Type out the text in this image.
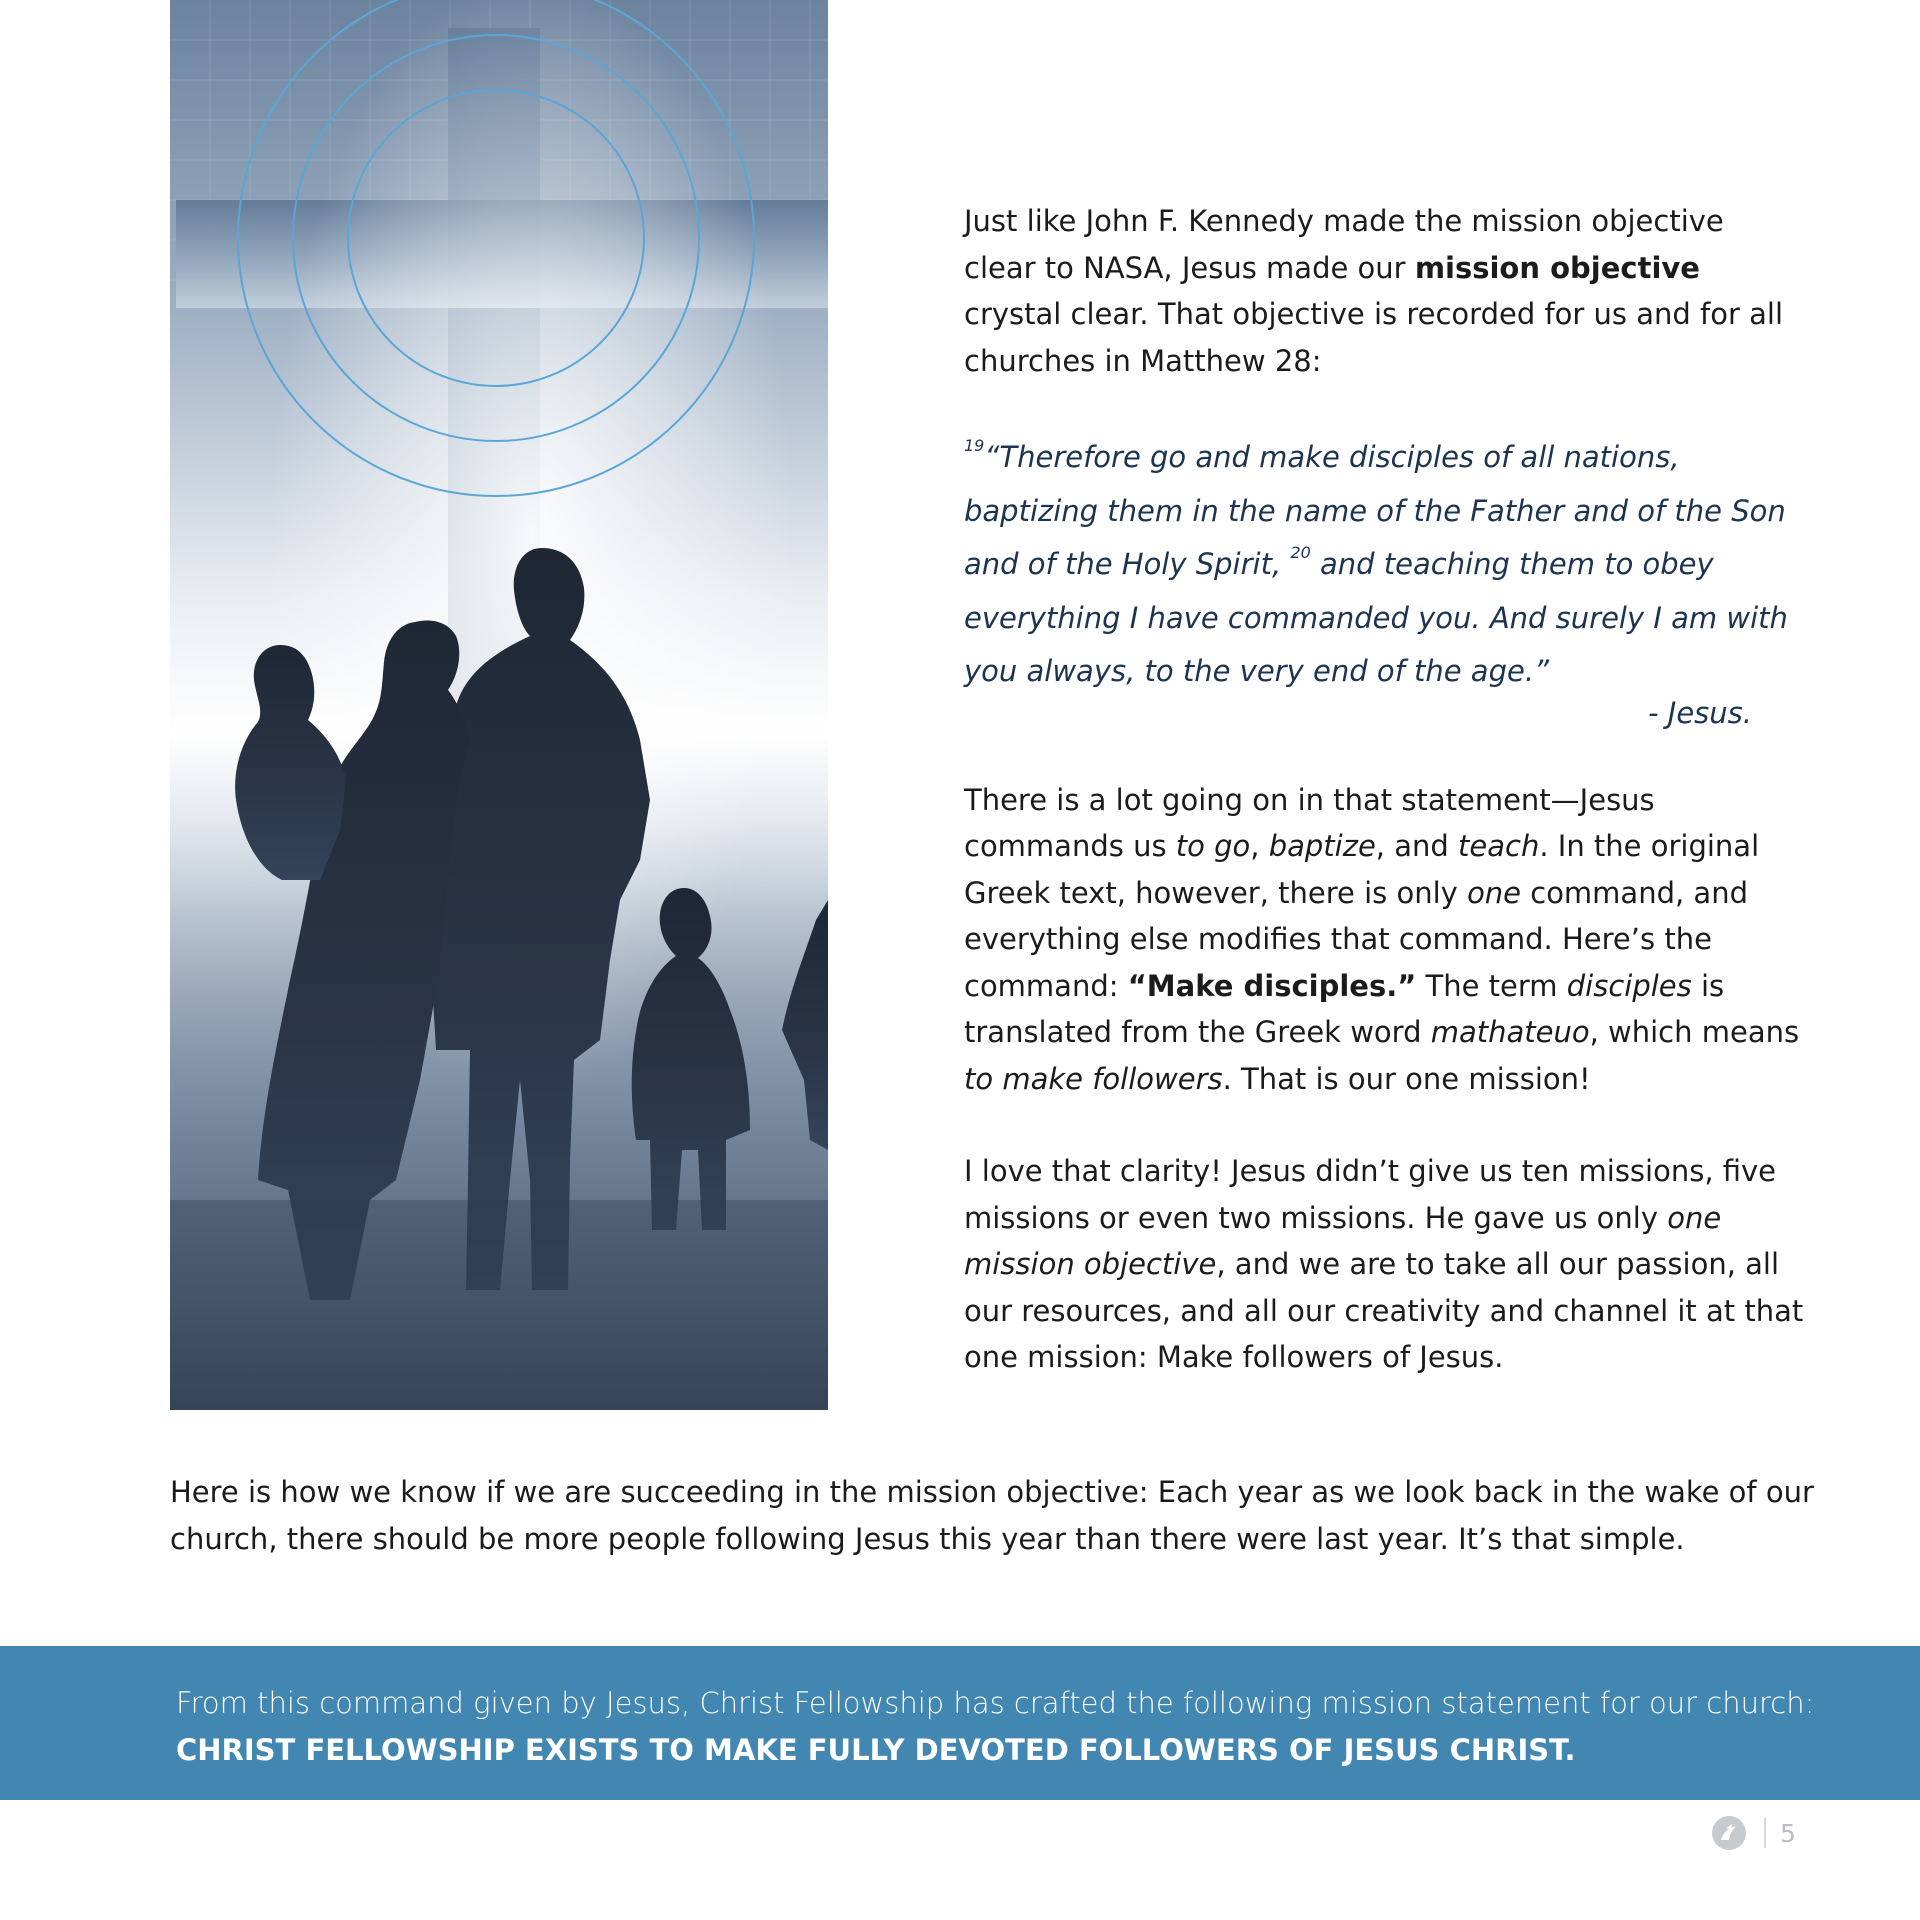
Just like John F. Kennedy made the mission objective clear to NASA, Jesus made our mission objective crystal clear. That objective is recorded for us and for all churches in Matthew 28:

$^{19}$“Therefore go and make disciples of all nations, baptizing them in the name of the Father and of the Son and of the Holy Spirit, $^{20}$ and teaching them to obey everything I have commanded you. And surely I am with you always, to the very end of the age.”
- Jesus.

There is a lot going on in that statement—Jesus commands us to go, baptize, and teach. In the original Greek text, however, there is only one command, and everything else modifies that command. Here’s the command: “Make disciples.” The term disciples is translated from the Greek word mathateuo, which means to make followers. That is our one mission!

I love that clarity! Jesus didn’t give us ten missions, five missions or even two missions. He gave us only one mission objective, and we are to take all our passion, all our resources, and all our creativity and channel it at that one mission: Make followers of Jesus.

Here is how we know if we are succeeding in the mission objective: Each year as we look back in the wake of our church, there should be more people following Jesus this year than there were last year. It’s that simple.
From this command given by Jesus, Christ Fellowship has crafted the following mission statement for our church: CHRIST FELLOWSHIP EXISTS TO MAKE FULLY DEVOTED FOLLOWERS OF JESUS CHRIST.
5
